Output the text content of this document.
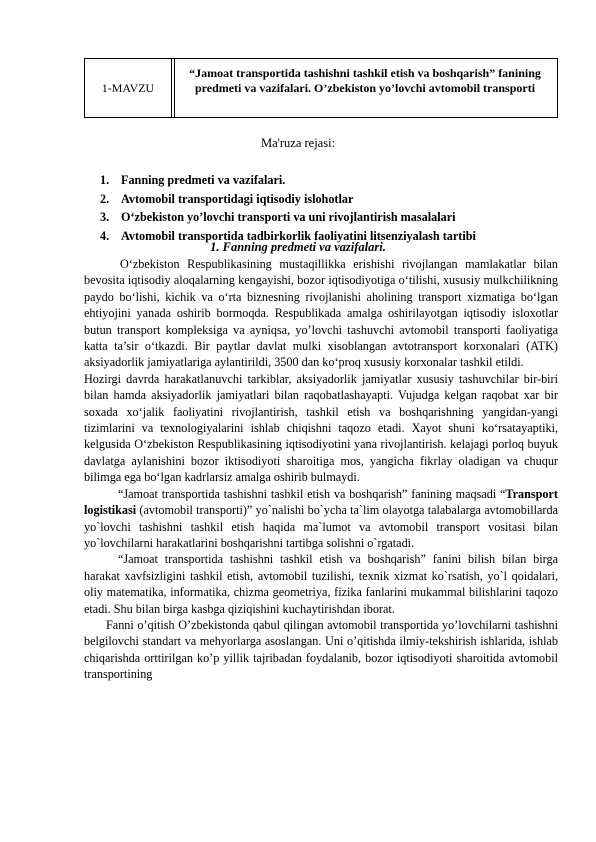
1-MAVZU
“Jamoat transportida tashishni tashkil etish va boshqarish” fanining predmeti va vazifalari. O’zbekiston yo’lovchi avtomobil transporti
Ma'ruza rejasi:
1. Fanning predmeti va vazifalari.
2. Avtomobil transportidagi iqtisodiy islohotlar
3. O‘zbekiston yo’lovchi transporti va uni rivojlantirish masalalari
4. Avtomobil transportida tadbirkorlik faoliyatini litsenziyalash tartibi
1. Fanning predmeti va vazifalari.

O‘zbekiston Respublikasining mustaqillikka erishishi rivojlangan mamlakatlar bilan bevosita iqtisodiy aloqalarning kengayishi, bozor iqtisodiyotiga o‘tilishi, xususiy mulkchilikning paydo bo‘lishi, kichik va o‘rta biznesning rivojlanishi aholining transport xizmatiga bo‘lgan ehtiyojini yanada oshirib bormoqda. Respublikada amalga oshirilayotgan iqtisodiy isloxotlar butun transport kompleksiga va ayniqsa, yo’lovchi tashuvchi avtomobil transporti faoliyatiga katta ta’sir o‘tkazdi. Bir paytlar davlat mulki xisoblangan avtotransport korxonalari (ATK) aksiyadorlik jamiyatlariga aylantirildi, 3500 dan ko‘proq xususiy korxonalar tashkil etildi.

Hozirgi davrda harakatlanuvchi tarkiblar, aksiyadorlik jamiyatlar xususiy tashuvchilar bir-biri bilan hamda aksiyadorlik jamiyatlari bilan raqobatlashayapti. Vujudga kelgan raqobat xar bir soxada xo‘jalik faoliyatini rivojlantirish, tashkil etish va boshqarishning yangidan-yangi tizimlarini va texnologiyalarini ishlab chiqishni taqozo etadi. Xayot shuni ko‘rsatayaptiki, kelgusida O‘zbekiston Respublikasining iqtisodiyotini yana rivojlantirish. kelajagi porloq buyuk davlatga aylanishini bozor iktisodiyoti sharoitiga mos, yangicha fikrlay oladigan va chuqur bilimga ega bo‘lgan kadrlarsiz amalga oshirib bulmaydi.

“Jamoat transportida tashishni tashkil etish va boshqarish” fanining maqsadi “Transport logistikasi (avtomobil transporti)” yo`nalishi bo`ycha ta`lim olayotga talabalarga avtomobillarda yo`lovchi tashishni tashkil etish haqida ma`lumot va avtomobil transport vositasi bilan yo`lovchilarni harakatlarini boshqarishni tartibga solishni o`rgatadi.

“Jamoat transportida tashishni tashkil etish va boshqarish” fanini bilish bilan birga harakat xavfsizligini tashkil etish, avtomobil tuzilishi, texnik xizmat ko`rsatish, yo`l qoidalari, oliy matematika, informatika, chizma geometriya, fizika fanlarini mukammal bilishlarini taqozo etadi. Shu bilan birga kasbga qiziqishini kuchaytirishdan iborat.

Fanni o’qitish O’zbekistonda qabul qilingan avtomobil transportida yo’lovchilarni tashishni belgilovchi standart va mehyorlarga asoslangan. Uni o’qitishda ilmiy-tekshirish ishlarida, ishlab chiqarishda orttirilgan ko’p yillik tajribadan foydalanib, bozor iqtisodiyoti sharoitida avtomobil transportining
